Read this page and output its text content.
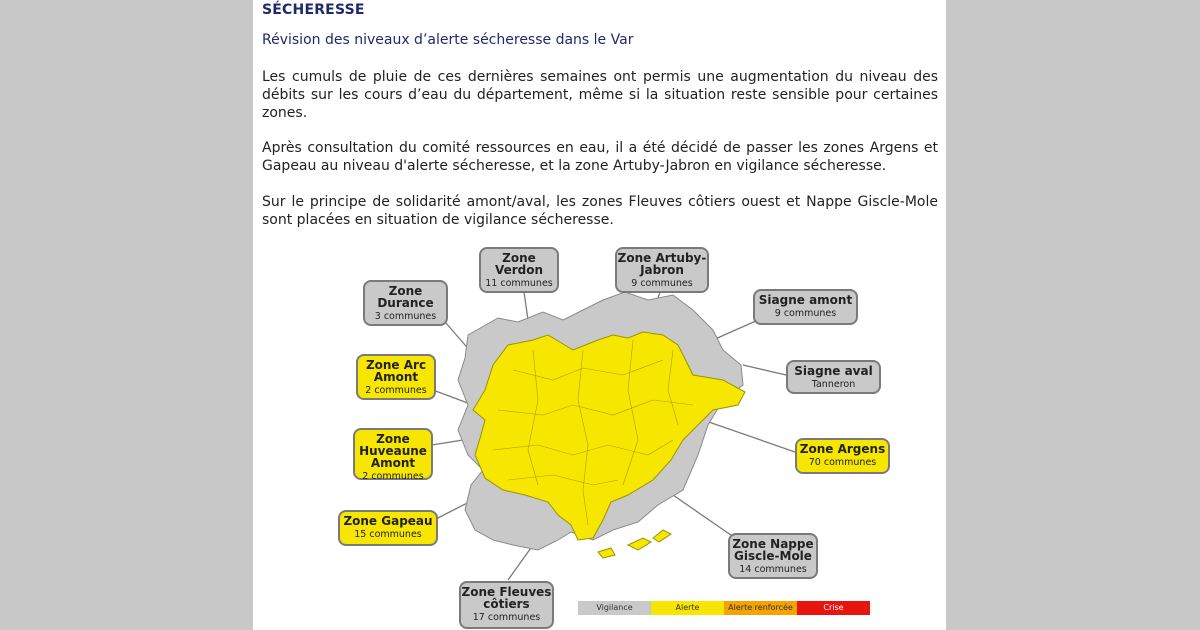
SÉCHERESSE
Révision des niveaux d’alerte sécheresse dans le Var
Les cumuls de pluie de ces dernières semaines ont permis une augmentation du niveau des débits sur les cours d’eau du département, même si la situation reste sensible pour certaines zones.
Après consultation du comité ressources en eau, il a été décidé de passer les zones Argens et Gapeau au niveau d'alerte sécheresse, et la zone Artuby-Jabron en vigilance sécheresse.
Sur le principe de solidarité amont/aval, les zones Fleuves côtiers ouest et Nappe Giscle-Mole sont placées en situation de vigilance sécheresse.
Zone Verdon
11 communes
Zone Artuby-Jabron
9 communes
Zone Durance
3 communes
Siagne amont
9 communes
Zone Arc Amont
2 communes
Siagne aval
Tanneron
Zone Huveaune Amont
2 communes
Zone Argens
70 communes
Zone Gapeau
15 communes
Zone Nappe Giscle-Mole
14 communes
Zone Fleuves côtiers
17 communes
Vigilance	Alerte	Alerte renforcée	Crise
